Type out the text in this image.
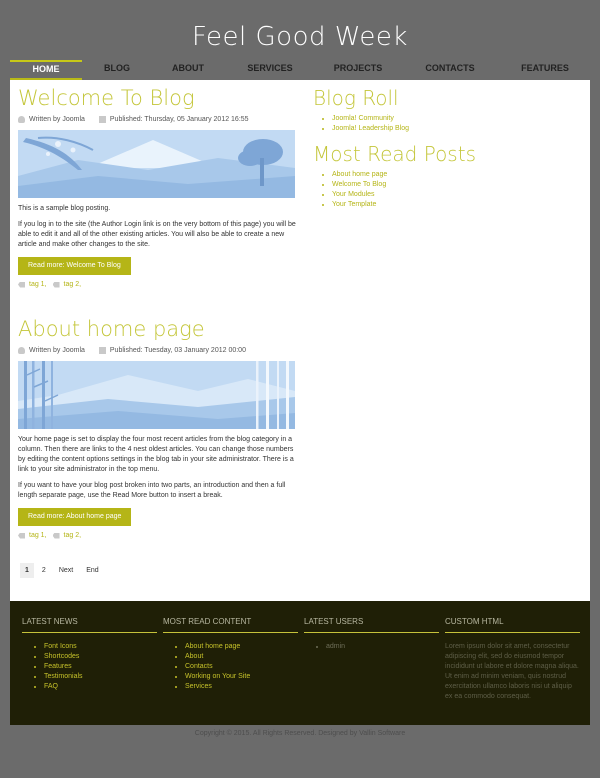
Feel Good Week
HOME	BLOG	ABOUT	SERVICES	PROJECTS	CONTACTS	FEATURES
Welcome To Blog
Written by Joomla	Published: Thursday, 05 January 2012 16:55
This is a sample blog posting.
If you log in to the site (the Author Login link is on the very bottom of this page) you will be able to edit it and all of the other existing articles. You will also be able to create a new article and make other changes to the site.
Read more: Welcome To Blog
tag 1, tag 2,
About home page
Written by Joomla	Published: Tuesday, 03 January 2012 00:00
Your home page is set to display the four most recent articles from the blog category in a column. Then there are links to the 4 nest oldest articles. You can change those numbers by editing the content options settings in the blog tab in your site administrator. There is a link to your site administrator in the top menu.
If you want to have your blog post broken into two parts, an introduction and then a full length separate page, use the Read More button to insert a break.
Read more: About home page
tag 1, tag 2,
1	2	Next	End
Blog Roll
• Joomla! Community
• Joomla! Leadership Blog
Most Read Posts
• About home page
• Welcome To Blog
• Your Modules
• Your Template
LATEST NEWS
• Font Icons
• Shortcodes
• Features
• Testimonials
• FAQ
MOST READ CONTENT
• About home page
• About
• Contacts
• Working on Your Site
• Services
LATEST USERS
• admin
CUSTOM HTML
Lorem ipsum dolor sit amet, consectetur adipiscing elit, sed do eiusmod tempor incididunt ut labore et dolore magna aliqua. Ut enim ad minim veniam, quis nostrud exercitation ullamco laboris nisi ut aliquip ex ea commodo consequat.
Copyright © 2015. All Rights Reserved. Designed by Vallin Software
